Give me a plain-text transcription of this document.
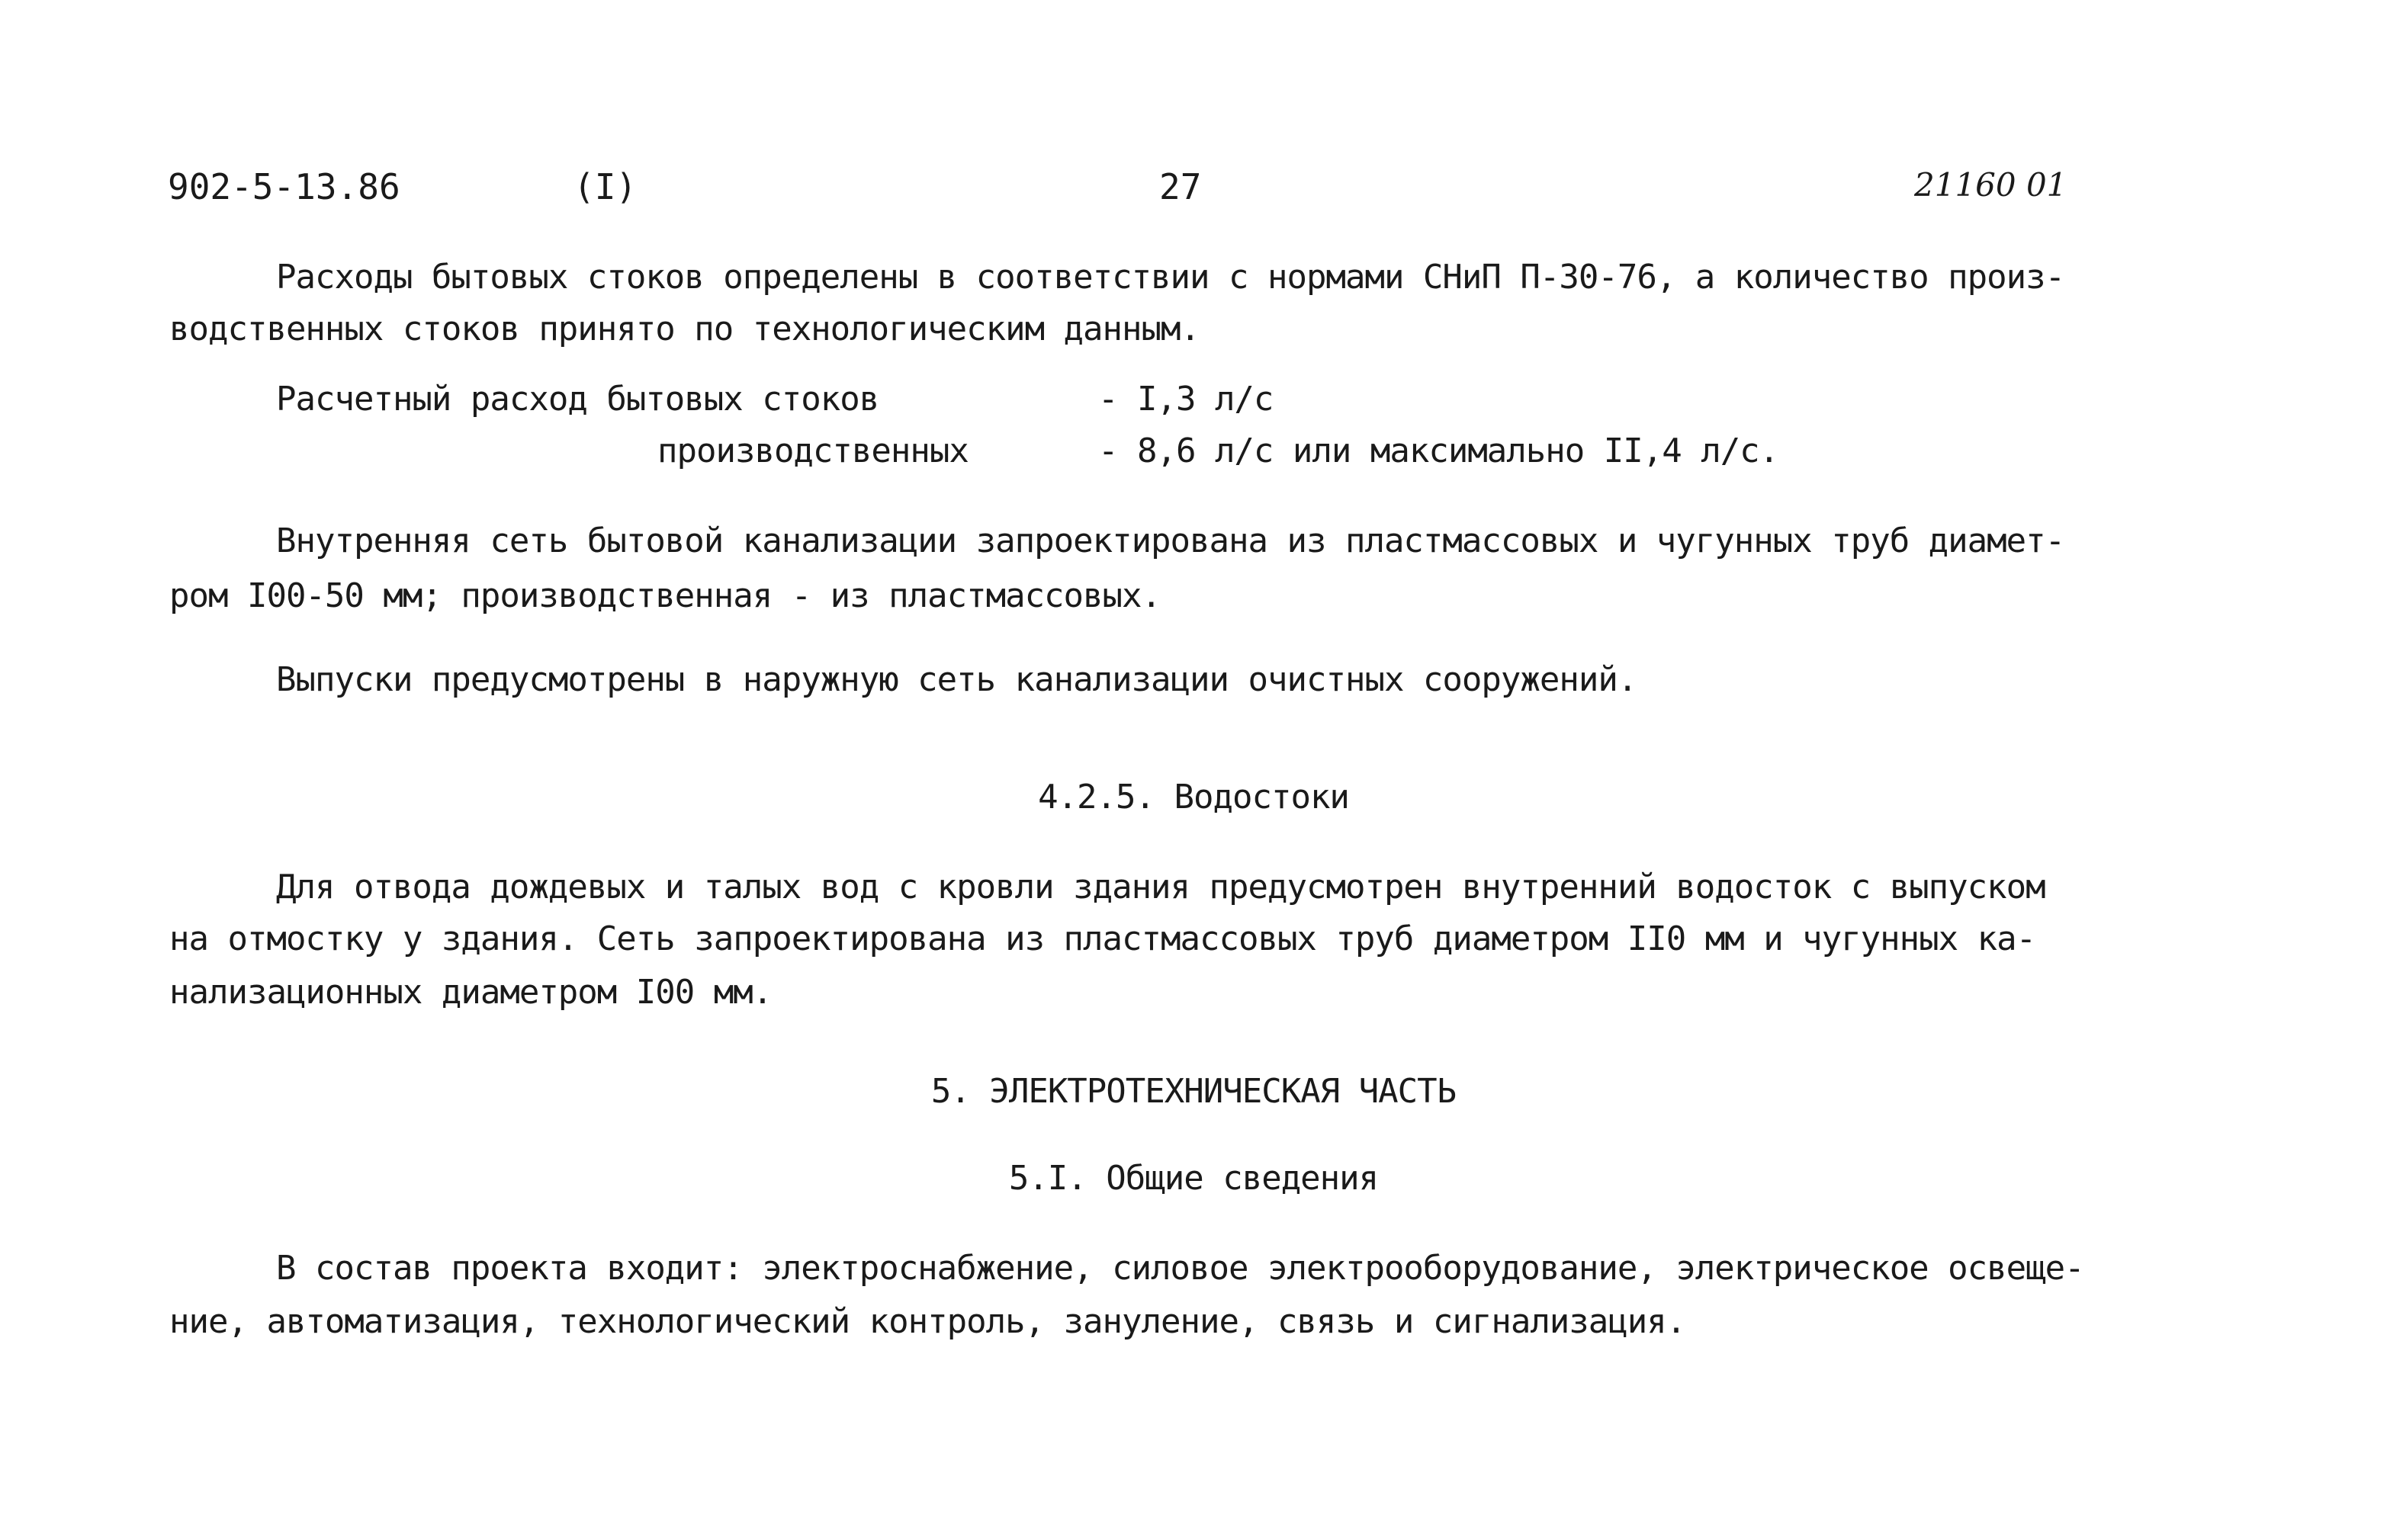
902-5-13.86	(I)	27	21160 01
Расходы бытовых стоков определены в соответствии с нормами СНиП П-30-76, а количество произ-
водственных стоков принято по технологическим данным.
Расчетный расход бытовых стоков	- I,3 л/с
производственных	- 8,6 л/с или максимально II,4 л/с.
Внутренняя сеть бытовой канализации запроектирована из пластмассовых и чугунных труб диамет-
ром I00-50 мм; производственная - из пластмассовых.
Выпуски предусмотрены в наружную сеть канализации очистных сооружений.
4.2.5. Водостоки
Для отвода дождевых и талых вод с кровли здания предусмотрен внутренний водосток с выпуском
на отмостку у здания. Сеть запроектирована из пластмассовых труб диаметром II0 мм и чугунных ка-
нализационных диаметром I00 мм.
5. ЭЛЕКТРОТЕХНИЧЕСКАЯ ЧАСТЬ
5.I. Общие сведения
В состав проекта входит: электроснабжение, силовое электрооборудование, электрическое освеще-
ние, автоматизация, технологический контроль, зануление, связь и сигнализация.
